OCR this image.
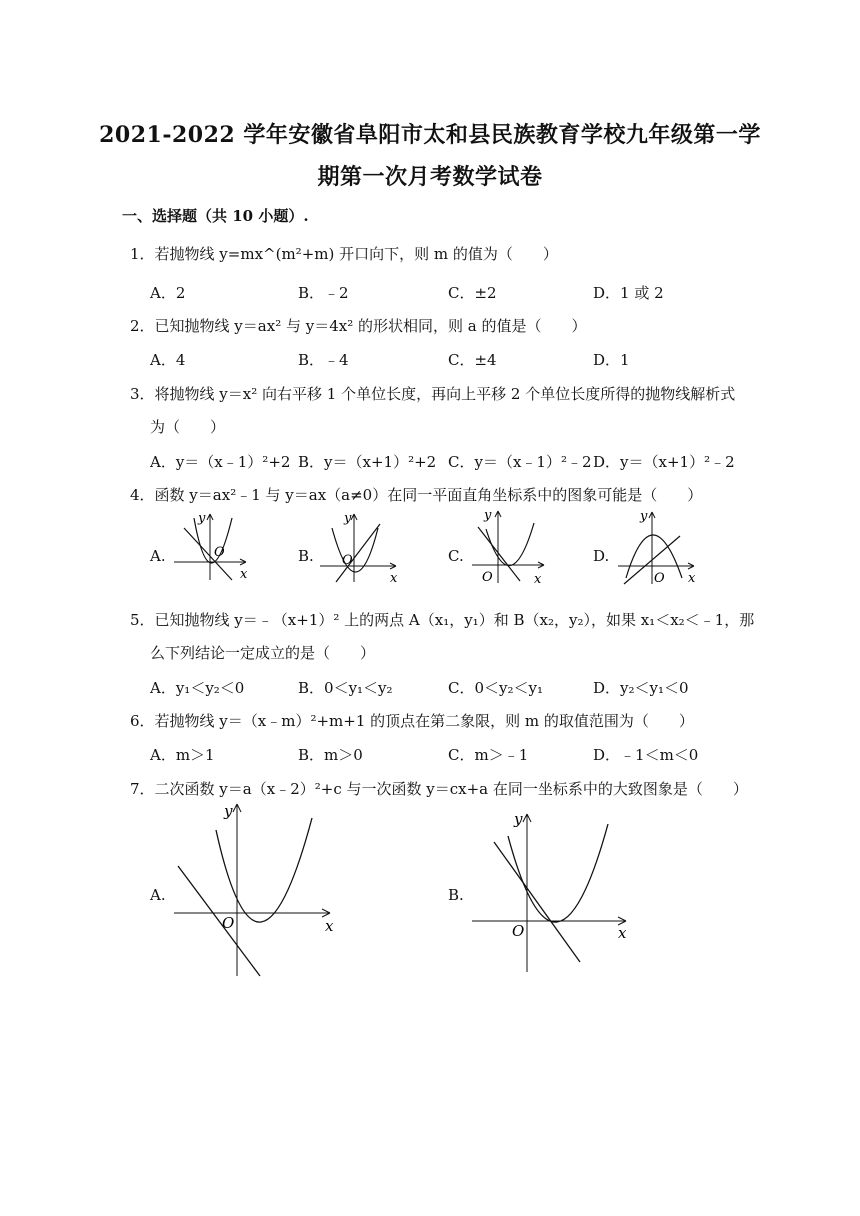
2021-2022 学年安徽省阜阳市太和县民族教育学校九年级第一学
期第一次月考数学试卷
一、选择题（共 10 小题）.
1．若抛物线 y=mx^(m²+m) 开口向下，则 m 的值为（　　）
A．2	B．﹣2	C．±2	D．1 或 2
2．已知抛物线 y＝ax² 与 y＝4x² 的形状相同，则 a 的值是（　　）
A．4	B．﹣4	C．±4	D．1
3．将抛物线 y＝x² 向右平移 1 个单位长度，再向上平移 2 个单位长度所得的抛物线解析式
为（　　）
A．y＝（x﹣1）²+2 B．y＝（x+1）²+2 C．y＝（x﹣1）²﹣2 D．y＝（x+1）²﹣2
4．函数 y＝ax²﹣1 与 y＝ax（a≠0）在同一平面直角坐标系中的图象可能是（　　）
A.	B.	C.	D.
y
O
x
y
O
x
y
O	x
y
O x
5．已知抛物线 y＝﹣（x+1）² 上的两点 A（x₁，y₁）和 B（x₂，y₂），如果 x₁＜x₂＜﹣1，那
么下列结论一定成立的是（　　）
A．y₁＜y₂＜0	B．0＜y₁＜y₂	C．0＜y₂＜y₁	D．y₂＜y₁＜0
6．若抛物线 y＝（x﹣m）²+m+1 的顶点在第二象限，则 m 的取值范围为（　　）
A．m＞1	B．m＞0	C．m＞﹣1	D．﹣1＜m＜0
7．二次函数 y＝a（x﹣2）²+c 与一次函数 y＝cx+a 在同一坐标系中的大致图象是（　　）
A.	B.
y
O	x
y
O	x
